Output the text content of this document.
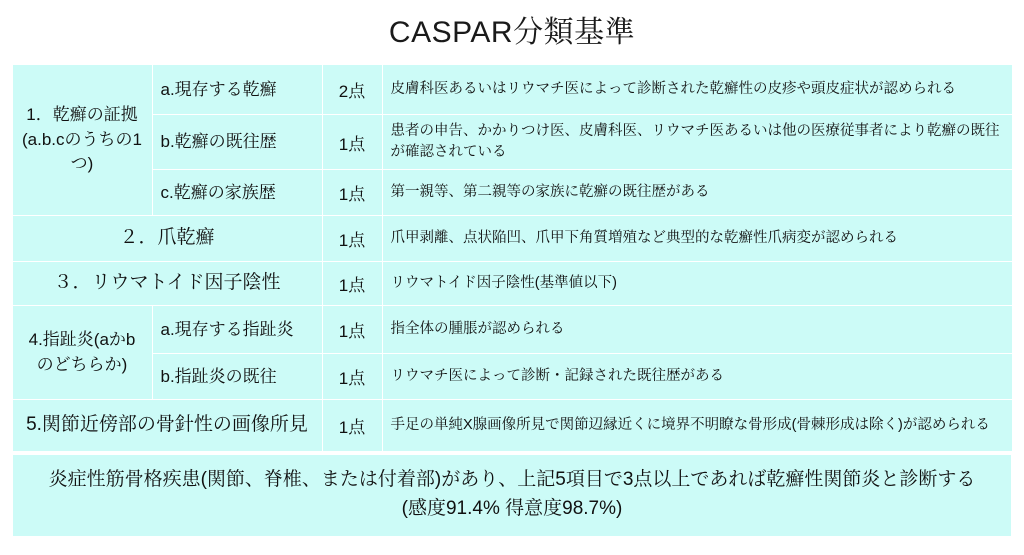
CASPAR分類基準
1．乾癬の証拠(a.b.cのうちの1つ)	a.現存する乾癬	2点	皮膚科医あるいはリウマチ医によって診断された乾癬性の皮疹や頭皮症状が認められる
	b.乾癬の既往歴	1点	患者の申告、かかりつけ医、皮膚科医、リウマチ医あるいは他の医療従事者により乾癬の既往が確認されている
	c.乾癬の家族歴	1点	第一親等、第二親等の家族に乾癬の既往歴がある
２．爪乾癬		1点	爪甲剥離、点状陥凹、爪甲下角質増殖など典型的な乾癬性爪病変が認められる
３．リウマトイド因子陰性		1点	リウマトイド因子陰性(基準値以下)
4.指趾炎(aかbのどちらか)	a.現存する指趾炎	1点	指全体の腫脹が認められる
	b.指趾炎の既往	1点	リウマチ医によって診断・記録された既往歴がある
5.関節近傍部の骨針性の画像所見		1点	手足の単純X腺画像所見で関節辺縁近くに境界不明瞭な骨形成(骨棘形成は除く)が認められる
炎症性筋骨格疾患(関節、脊椎、または付着部)があり、上記5項目で3点以上であれば乾癬性関節炎と診断する(感度91.4% 得意度98.7%)
